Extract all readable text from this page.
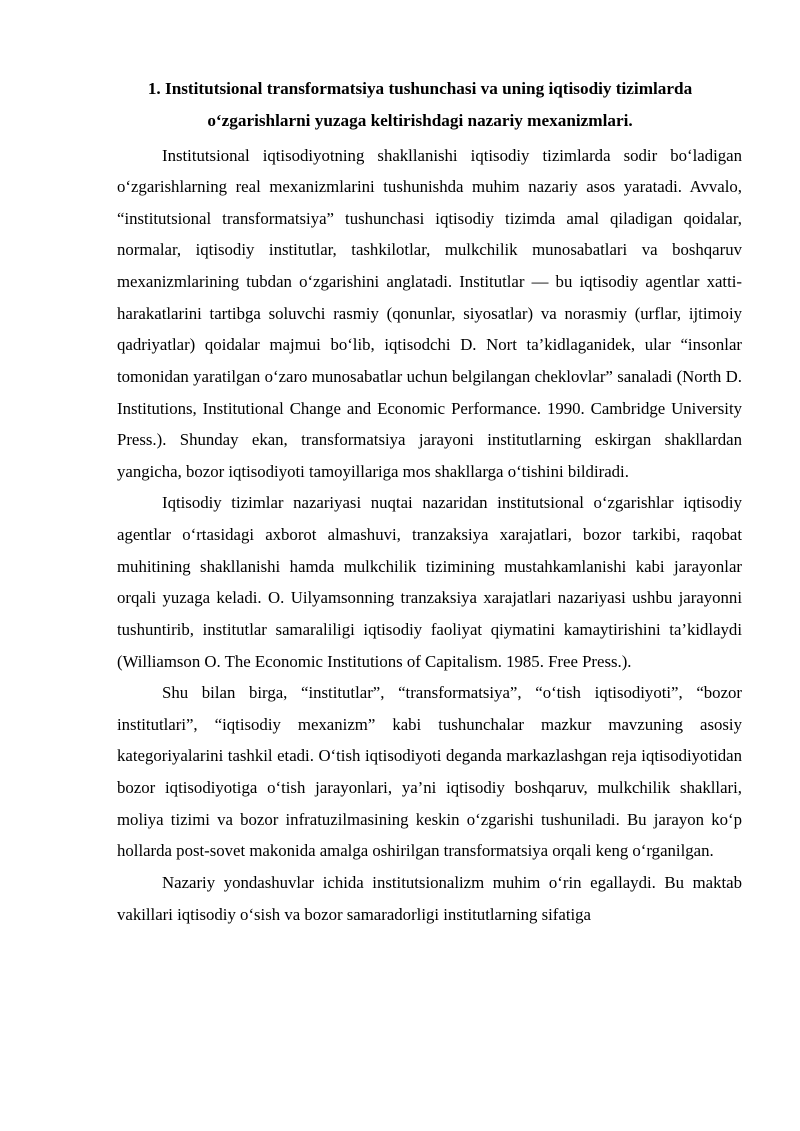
1. Institutsional transformatsiya tushunchasi va uning iqtisodiy tizimlarda o‘zgarishlarni yuzaga keltirishdagi nazariy mexanizmlari.

Institutsional iqtisodiyotning shakllanishi iqtisodiy tizimlarda sodir bo‘ladigan o‘zgarishlarning real mexanizmlarini tushunishda muhim nazariy asos yaratadi. Avvalo, “institutsional transformatsiya” tushunchasi iqtisodiy tizimda amal qiladigan qoidalar, normalar, iqtisodiy institutlar, tashkilotlar, mulkchilik munosabatlari va boshqaruv mexanizmlarining tubdan o‘zgarishini anglatadi. Institutlar — bu iqtisodiy agentlar xatti-harakatlarini tartibga soluvchi rasmiy (qonunlar, siyosatlar) va norasmiy (urflar, ijtimoiy qadriyatlar) qoidalar majmui bo‘lib, iqtisodchi D. Nort ta’kidlaganidek, ular “insonlar tomonidan yaratilgan o‘zaro munosabatlar uchun belgilangan cheklovlar” sanaladi (North D. Institutions, Institutional Change and Economic Performance. 1990. Cambridge University Press.). Shunday ekan, transformatsiya jarayoni institutlarning eskirgan shakllardan yangicha, bozor iqtisodiyoti tamoyillariga mos shakllarga o‘tishini bildiradi.

Iqtisodiy tizimlar nazariyasi nuqtai nazaridan institutsional o‘zgarishlar iqtisodiy agentlar o‘rtasidagi axborot almashuvi, tranzaksiya xarajatlari, bozor tarkibi, raqobat muhitining shakllanishi hamda mulkchilik tizimining mustahkamlanishi kabi jarayonlar orqali yuzaga keladi. O. Uilyamsonning tranzaksiya xarajatlari nazariyasi ushbu jarayonni tushuntirib, institutlar samaraliligi iqtisodiy faoliyat qiymatini kamaytirishini ta’kidlaydi (Williamson O. The Economic Institutions of Capitalism. 1985. Free Press.).

Shu bilan birga, “institutlar”, “transformatsiya”, “o‘tish iqtisodiyoti”, “bozor institutlari”, “iqtisodiy mexanizm” kabi tushunchalar mazkur mavzuning asosiy kategoriyalarini tashkil etadi. O‘tish iqtisodiyoti deganda markazlashgan reja iqtisodiyotidan bozor iqtisodiyotiga o‘tish jarayonlari, ya’ni iqtisodiy boshqaruv, mulkchilik shakllari, moliya tizimi va bozor infratuzilmasining keskin o‘zgarishi tushuniladi. Bu jarayon ko‘p hollarda post-sovet makonida amalga oshirilgan transformatsiya orqali keng o‘rganilgan.

Nazariy yondashuvlar ichida institutsionalizm muhim o‘rin egallaydi. Bu maktab vakillari iqtisodiy o‘sish va bozor samaradorligi institutlarning sifatiga
